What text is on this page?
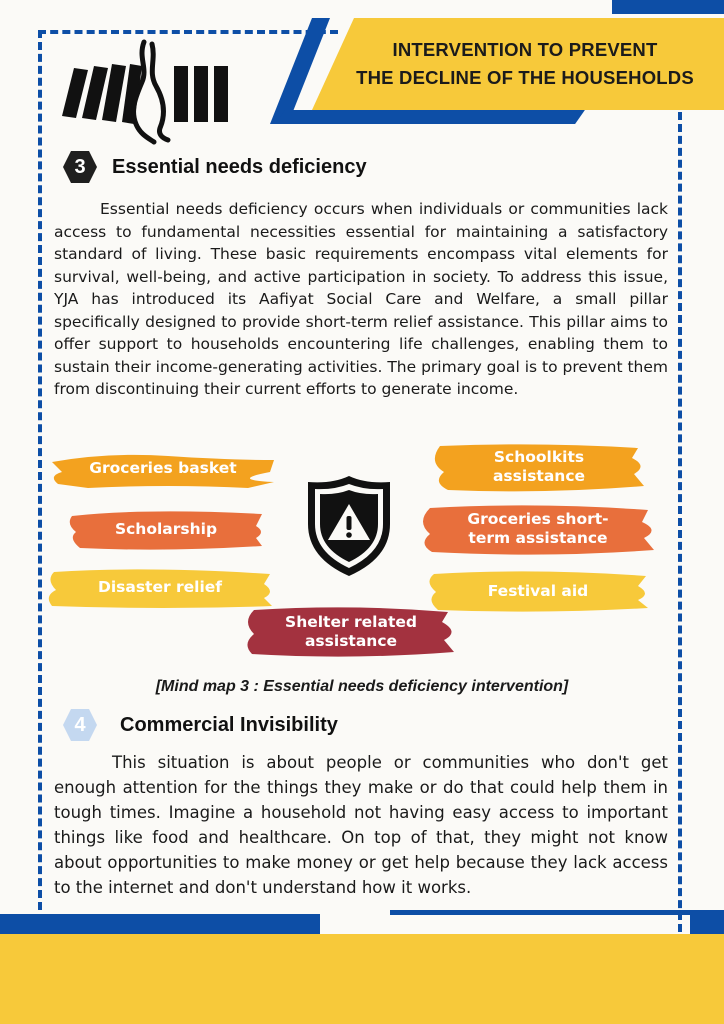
INTERVENTION TO PREVENT
THE DECLINE OF THE HOUSEHOLDS
3	Essential needs deficiency
Essential needs deficiency occurs when individuals or communities lack access to fundamental necessities essential for maintaining a satisfactory standard of living. These basic requirements encompass vital elements for survival, well-being, and active participation in society. To address this issue, YJA has introduced its Aafiyat Social Care and Welfare, a small pillar specifically designed to provide short-term relief assistance. This pillar aims to offer support to households encountering life challenges, enabling them to sustain their income-generating activities. The primary goal is to prevent them from discontinuing their current efforts to generate income.
Groceries basket
Scholarship
Disaster relief
Schoolkits
assistance
Groceries short-
term assistance
Festival aid
Shelter related
assistance
[Mind map 3 : Essential needs deficiency intervention]
4	Commercial Invisibility
This situation is about people or communities who don't get enough attention for the things they make or do that could help them in tough times. Imagine a household not having easy access to important things like food and healthcare. On top of that, they might not know about opportunities to make money or get help because they lack access to the internet and don't understand how it works.
